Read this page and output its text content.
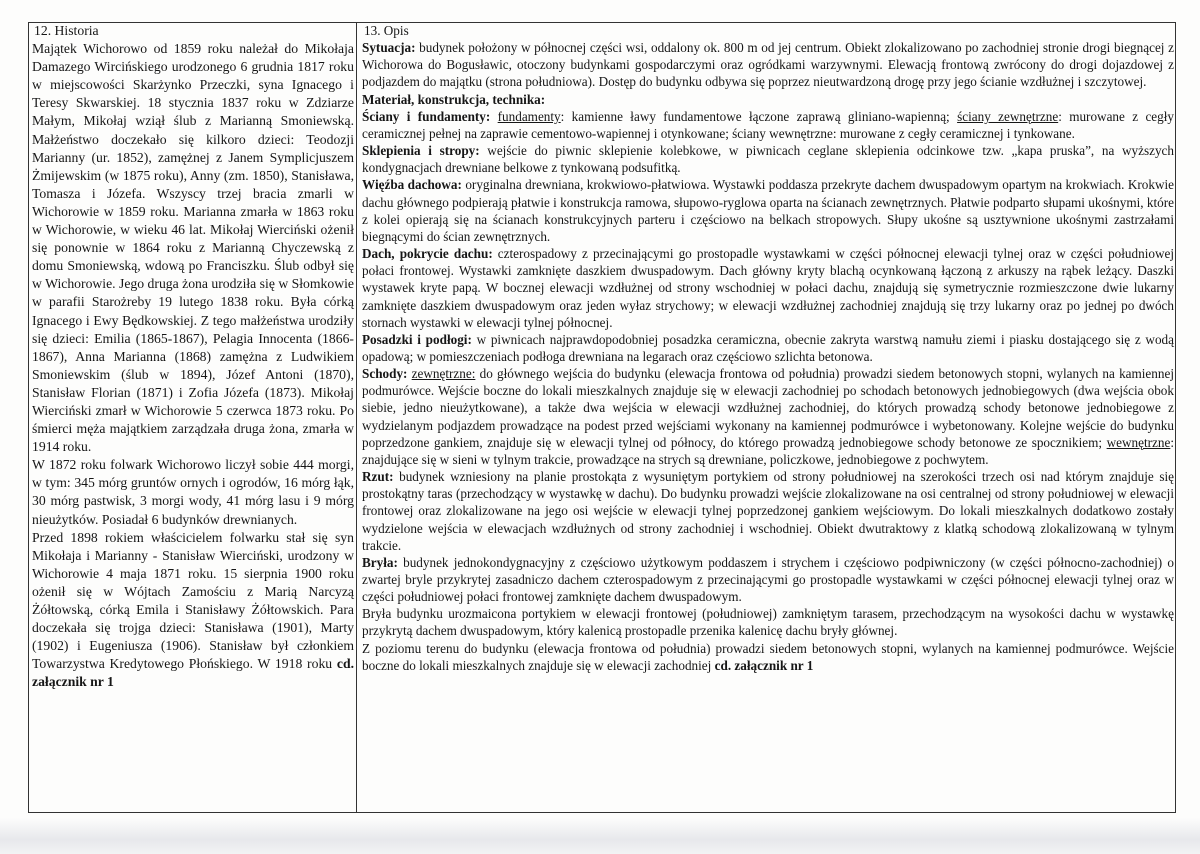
12. Historia

Majątek Wichorowo od 1859 roku należał do Mikołaja Damazego Wircińskiego urodzonego 6 grudnia 1817 roku w miejscowości Skarżynko Przeczki, syna Ignacego i Teresy Skwarskiej. 18 stycznia 1837 roku w Zdziarze Małym, Mikołaj wziął ślub z Marianną Smoniewską. Małżeństwo doczekało się kilkoro dzieci: Teodozji Marianny (ur. 1852), zamężnej z Janem Symplicjuszem Żmijewskim (w 1875 roku), Anny (zm. 1850), Stanisława, Tomasza i Józefa. Wszyscy trzej bracia zmarli w Wichorowie w 1859 roku. Marianna zmarła w 1863 roku w Wichorowie, w wieku 46 lat. Mikołaj Wierciński ożenił się ponownie w 1864 roku z Marianną Chyczewską z domu Smoniewską, wdową po Franciszku. Ślub odbył się w Wichorowie. Jego druga żona urodziła się w Słomkowie w parafii Starożreby 19 lutego 1838 roku. Była córką Ignacego i Ewy Będkowskiej. Z tego małżeństwa urodziły się dzieci: Emilia (1865-1867), Pelagia Innocenta (1866-1867), Anna Marianna (1868) zamężna z Ludwikiem Smoniewskim (ślub w 1894), Józef Antoni (1870), Stanisław Florian (1871) i Zofia Józefa (1873). Mikołaj Wierciński zmarł w Wichorowie 5 czerwca 1873 roku. Po śmierci męża majątkiem zarządzała druga żona, zmarła w 1914 roku.

W 1872 roku folwark Wichorowo liczył sobie 444 morgi, w tym: 345 mórg gruntów ornych i ogrodów, 16 mórg łąk, 30 mórg pastwisk, 3 morgi wody, 41 mórg lasu i 9 mórg nieużytków. Posiadał 6 budynków drewnianych.

Przed 1898 rokiem właścicielem folwarku stał się syn Mikołaja i Marianny - Stanisław Wierciński, urodzony w Wichorowie 4 maja 1871 roku. 15 sierpnia 1900 roku ożenił się w Wójtach Zamościu z Marią Narcyzą Żółtowską, córką Emila i Stanisławy Żółtowskich. Para doczekała się trojga dzieci: Stanisława (1901), Marty (1902) i Eugeniusza (1906). Stanisław był członkiem Towarzystwa Kredytowego Płońskiego. W 1918 roku cd. załącznik nr 1

13. Opis

Sytuacja: budynek położony w północnej części wsi, oddalony ok. 800 m od jej centrum. Obiekt zlokalizowano po zachodniej stronie drogi biegnącej z Wichorowa do Bogusławic, otoczony budynkami gospodarczymi oraz ogródkami warzywnymi. Elewacją frontową zwrócony do drogi dojazdowej z podjazdem do majątku (strona południowa). Dostęp do budynku odbywa się poprzez nieutwardzoną drogę przy jego ścianie wzdłużnej i szczytowej.

Materiał, konstrukcja, technika:

Ściany i fundamenty: fundamenty: kamienne ławy fundamentowe łączone zaprawą gliniano-wapienną; ściany zewnętrzne: murowane z cegły ceramicznej pełnej na zaprawie cementowo-wapiennej i otynkowane; ściany wewnętrzne: murowane z cegły ceramicznej i tynkowane.

Sklepienia i stropy: wejście do piwnic sklepienie kolebkowe, w piwnicach ceglane sklepienia odcinkowe tzw. „kapa pruska”, na wyższych kondygnacjach drewniane belkowe z tynkowaną podsufitką.

Więźba dachowa: oryginalna drewniana, krokwiowo-płatwiowa. Wystawki poddasza przekryte dachem dwuspadowym opartym na krokwiach. Krokwie dachu głównego podpierają płatwie i konstrukcja ramowa, słupowo-ryglowa oparta na ścianach zewnętrznych. Płatwie podparto słupami ukośnymi, które z kolei opierają się na ścianach konstrukcyjnych parteru i częściowo na belkach stropowych. Słupy ukośne są usztywnione ukośnymi zastrzałami biegnącymi do ścian zewnętrznych.

Dach, pokrycie dachu: czterospadowy z przecinającymi go prostopadle wystawkami w części północnej elewacji tylnej oraz w części południowej połaci frontowej. Wystawki zamknięte daszkiem dwuspadowym. Dach główny kryty blachą ocynkowaną łączoną z arkuszy na rąbek leżący. Daszki wystawek kryte papą. W bocznej elewacji wzdłużnej od strony wschodniej w połaci dachu, znajdują się symetrycznie rozmieszczone dwie lukarny zamknięte daszkiem dwuspadowym oraz jeden wyłaz strychowy; w elewacji wzdłużnej zachodniej znajdują się trzy lukarny oraz po jednej po dwóch stornach wystawki w elewacji tylnej północnej.

Posadzki i podłogi: w piwnicach najprawdopodobniej posadzka ceramiczna, obecnie zakryta warstwą namułu ziemi i piasku dostającego się z wodą opadową; w pomieszczeniach podłoga drewniana na legarach oraz częściowo szlichta betonowa.

Schody: zewnętrzne: do głównego wejścia do budynku (elewacja frontowa od południa) prowadzi siedem betonowych stopni, wylanych na kamiennej podmurówce. Wejście boczne do lokali mieszkalnych znajduje się w elewacji zachodniej po schodach betonowych jednobiegowych (dwa wejścia obok siebie, jedno nieużytkowane), a także dwa wejścia w elewacji wzdłużnej zachodniej, do których prowadzą schody betonowe jednobiegowe z wydzielanym podjazdem prowadzące na podest przed wejściami wykonany na kamiennej podmurówce i wybetonowany. Kolejne wejście do budynku poprzedzone gankiem, znajduje się w elewacji tylnej od północy, do którego prowadzą jednobiegowe schody betonowe ze spocznikiem; wewnętrzne: znajdujące się w sieni w tylnym trakcie, prowadzące na strych są drewniane, policzkowe, jednobiegowe z pochwytem.

Rzut: budynek wzniesiony na planie prostokąta z wysuniętym portykiem od strony południowej na szerokości trzech osi nad którym znajduje się prostokątny taras (przechodzący w wystawkę w dachu). Do budynku prowadzi wejście zlokalizowane na osi centralnej od strony południowej w elewacji frontowej oraz zlokalizowane na jego osi wejście w elewacji tylnej poprzedzonej gankiem wejściowym. Do lokali mieszkalnych dodatkowo zostały wydzielone wejścia w elewacjach wzdłużnych od strony zachodniej i wschodniej. Obiekt dwutraktowy z klatką schodową zlokalizowaną w tylnym trakcie.

Bryła: budynek jednokondygnacyjny z częściowo użytkowym poddaszem i strychem i częściowo podpiwniczony (w części północno-zachodniej) o zwartej bryle przykrytej zasadniczo dachem czterospadowym z przecinającymi go prostopadle wystawkami w części północnej elewacji tylnej oraz w części południowej połaci frontowej zamknięte dachem dwuspadowym.

Bryła budynku urozmaicona portykiem w elewacji frontowej (południowej) zamkniętym tarasem, przechodzącym na wysokości dachu w wystawkę przykrytą dachem dwuspadowym, który kalenicą prostopadle przenika kalenicę dachu bryły głównej.

Z poziomu terenu do budynku (elewacja frontowa od południa) prowadzi siedem betonowych stopni, wylanych na kamiennej podmurówce. Wejście boczne do lokali mieszkalnych znajduje się w elewacji zachodniej cd. załącznik nr 1
